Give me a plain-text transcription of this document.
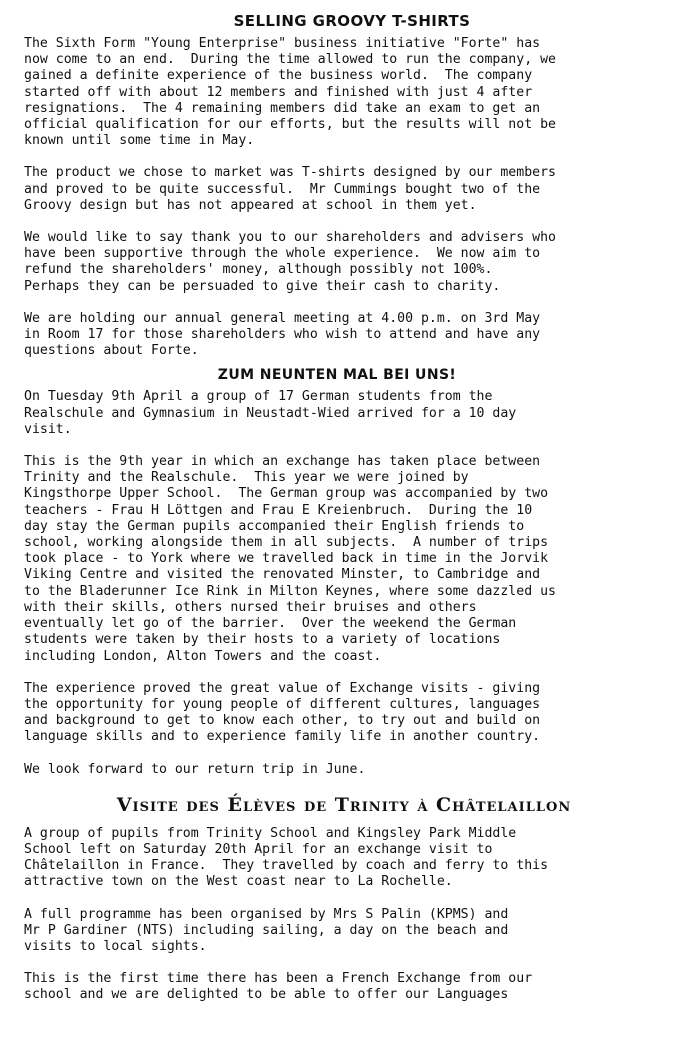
SELLING GROOVY T-SHIRTS
The Sixth Form "Young Enterprise" business initiative "Forte" has
now come to an end.  During the time allowed to run the company, we
gained a definite experience of the business world.  The company
started off with about 12 members and finished with just 4 after
resignations.  The 4 remaining members did take an exam to get an
official qualification for our efforts, but the results will not be
known until some time in May.
The product we chose to market was T-shirts designed by our members
and proved to be quite successful.  Mr Cummings bought two of the
Groovy design but has not appeared at school in them yet.
We would like to say thank you to our shareholders and advisers who
have been supportive through the whole experience.  We now aim to
refund the shareholders' money, although possibly not 100%.
Perhaps they can be persuaded to give their cash to charity.
We are holding our annual general meeting at 4.00 p.m. on 3rd May
in Room 17 for those shareholders who wish to attend and have any
questions about Forte.
ZUM NEUNTEN MAL BEI UNS!
On Tuesday 9th April a group of 17 German students from the
Realschule and Gymnasium in Neustadt-Wied arrived for a 10 day
visit.
This is the 9th year in which an exchange has taken place between
Trinity and the Realschule.  This year we were joined by
Kingsthorpe Upper School.  The German group was accompanied by two
teachers - Frau H Löttgen and Frau E Kreienbruch.  During the 10
day stay the German pupils accompanied their English friends to
school, working alongside them in all subjects.  A number of trips
took place - to York where we travelled back in time in the Jorvik
Viking Centre and visited the renovated Minster, to Cambridge and
to the Bladerunner Ice Rink in Milton Keynes, where some dazzled us
with their skills, others nursed their bruises and others
eventually let go of the barrier.  Over the weekend the German
students were taken by their hosts to a variety of locations
including London, Alton Towers and the coast.
The experience proved the great value of Exchange visits - giving
the opportunity for young people of different cultures, languages
and background to get to know each other, to try out and build on
language skills and to experience family life in another country.
We look forward to our return trip in June.
Visite des Élèves de Trinity à Châtelaillon
A group of pupils from Trinity School and Kingsley Park Middle
School left on Saturday 20th April for an exchange visit to
Châtelaillon in France.  They travelled by coach and ferry to this
attractive town on the West coast near to La Rochelle.
A full programme has been organised by Mrs S Palin (KPMS) and
Mr P Gardiner (NTS) including sailing, a day on the beach and
visits to local sights.
This is the first time there has been a French Exchange from our
school and we are delighted to be able to offer our Languages
